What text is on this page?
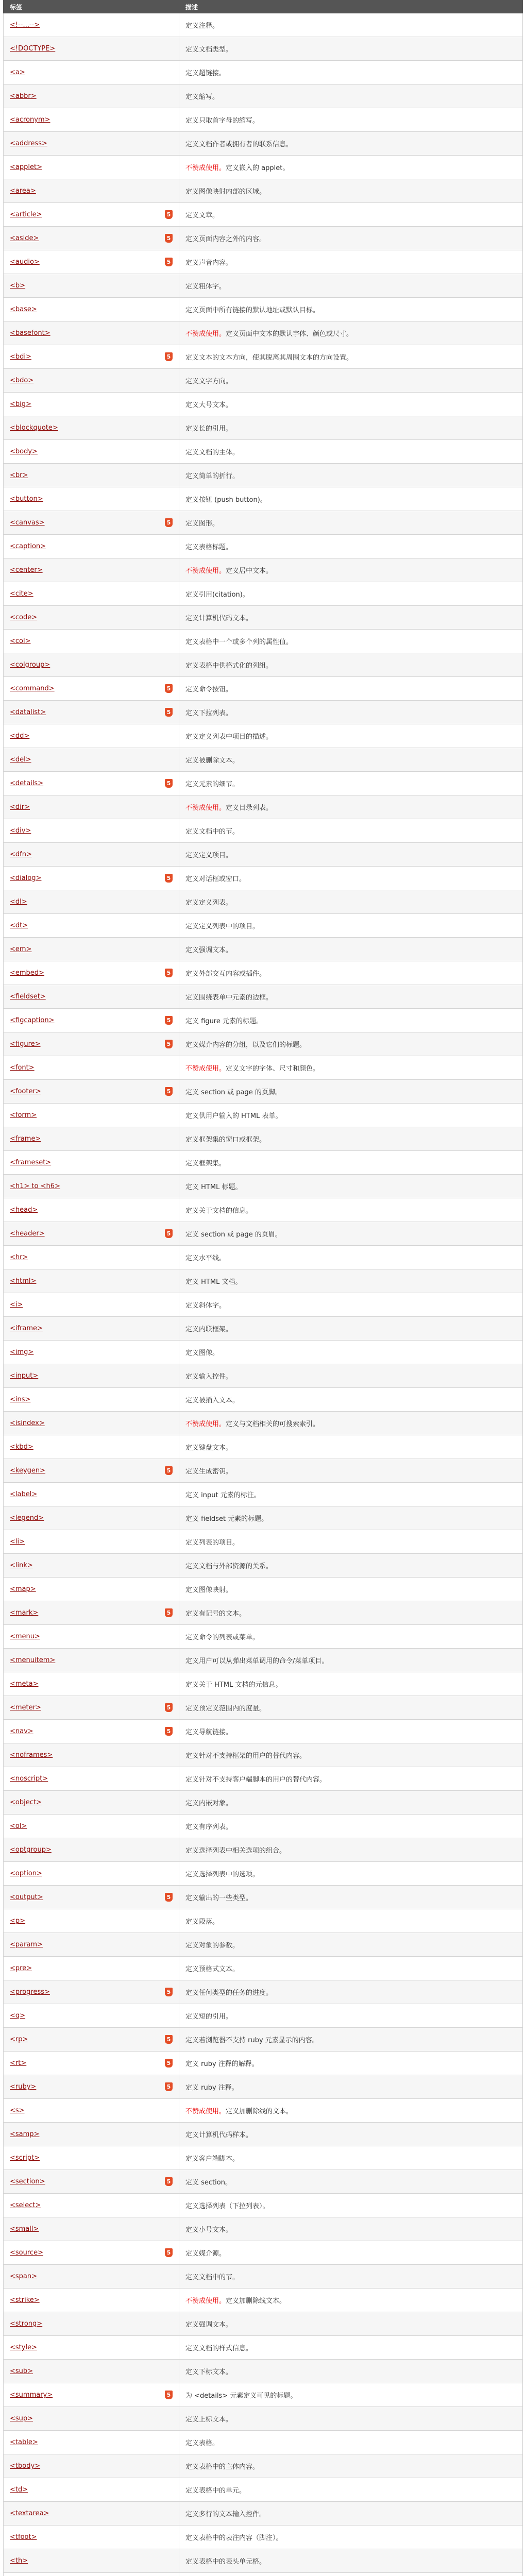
标签	描述
<!--...-->	定义注释。
<!DOCTYPE>	定义文档类型。
<a>	定义超链接。
<abbr>	定义缩写。
<acronym>	定义只取首字母的缩写。
<address>	定义文档作者或拥有者的联系信息。
<applet>	不赞成使用。定义嵌入的 applet。
<area>	定义图像映射内部的区域。
<article> 5	定义文章。
<aside> 5	定义页面内容之外的内容。
<audio> 5	定义声音内容。
<b>	定义粗体字。
<base>	定义页面中所有链接的默认地址或默认目标。
<basefont>	不赞成使用。定义页面中文本的默认字体、颜色或尺寸。
<bdi> 5	定义文本的文本方向，使其脱离其周围文本的方向设置。
<bdo>	定义文字方向。
<big>	定义大号文本。
<blockquote>	定义长的引用。
<body>	定义文档的主体。
<br>	定义简单的折行。
<button>	定义按钮 (push button)。
<canvas> 5	定义图形。
<caption>	定义表格标题。
<center>	不赞成使用。定义居中文本。
<cite>	定义引用(citation)。
<code>	定义计算机代码文本。
<col>	定义表格中一个或多个列的属性值。
<colgroup>	定义表格中供格式化的列组。
<command> 5	定义命令按钮。
<datalist> 5	定义下拉列表。
<dd>	定义定义列表中项目的描述。
<del>	定义被删除文本。
<details> 5	定义元素的细节。
<dir>	不赞成使用。定义目录列表。
<div>	定义文档中的节。
<dfn>	定义定义项目。
<dialog> 5	定义对话框或窗口。
<dl>	定义定义列表。
<dt>	定义定义列表中的项目。
<em>	定义强调文本。
<embed> 5	定义外部交互内容或插件。
<fieldset>	定义围绕表单中元素的边框。
<figcaption> 5	定义 figure 元素的标题。
<figure> 5	定义媒介内容的分组，以及它们的标题。
<font>	不赞成使用。定义文字的字体、尺寸和颜色。
<footer> 5	定义 section 或 page 的页脚。
<form>	定义供用户输入的 HTML 表单。
<frame>	定义框架集的窗口或框架。
<frameset>	定义框架集。
<h1> to <h6>	定义 HTML 标题。
<head>	定义关于文档的信息。
<header> 5	定义 section 或 page 的页眉。
<hr>	定义水平线。
<html>	定义 HTML 文档。
<i>	定义斜体字。
<iframe>	定义内联框架。
<img>	定义图像。
<input>	定义输入控件。
<ins>	定义被插入文本。
<isindex>	不赞成使用。定义与文档相关的可搜索索引。
<kbd>	定义键盘文本。
<keygen> 5	定义生成密钥。
<label>	定义 input 元素的标注。
<legend>	定义 fieldset 元素的标题。
<li>	定义列表的项目。
<link>	定义文档与外部资源的关系。
<map>	定义图像映射。
<mark> 5	定义有记号的文本。
<menu>	定义命令的列表或菜单。
<menuitem>	定义用户可以从弹出菜单调用的命令/菜单项目。
<meta>	定义关于 HTML 文档的元信息。
<meter> 5	定义预定义范围内的度量。
<nav> 5	定义导航链接。
<noframes>	定义针对不支持框架的用户的替代内容。
<noscript>	定义针对不支持客户端脚本的用户的替代内容。
<object>	定义内嵌对象。
<ol>	定义有序列表。
<optgroup>	定义选择列表中相关选项的组合。
<option>	定义选择列表中的选项。
<output> 5	定义输出的一些类型。
<p>	定义段落。
<param>	定义对象的参数。
<pre>	定义预格式文本。
<progress> 5	定义任何类型的任务的进度。
<q>	定义短的引用。
<rp> 5	定义若浏览器不支持 ruby 元素显示的内容。
<rt> 5	定义 ruby 注释的解释。
<ruby> 5	定义 ruby 注释。
<s>	不赞成使用。定义加删除线的文本。
<samp>	定义计算机代码样本。
<script>	定义客户端脚本。
<section> 5	定义 section。
<select>	定义选择列表（下拉列表）。
<small>	定义小号文本。
<source> 5	定义媒介源。
<span>	定义文档中的节。
<strike>	不赞成使用。定义加删除线文本。
<strong>	定义强调文本。
<style>	定义文档的样式信息。
<sub>	定义下标文本。
<summary> 5	为 <details> 元素定义可见的标题。
<sup>	定义上标文本。
<table>	定义表格。
<tbody>	定义表格中的主体内容。
<td>	定义表格中的单元。
<textarea>	定义多行的文本输入控件。
<tfoot>	定义表格中的表注内容（脚注）。
<th>	定义表格中的表头单元格。
